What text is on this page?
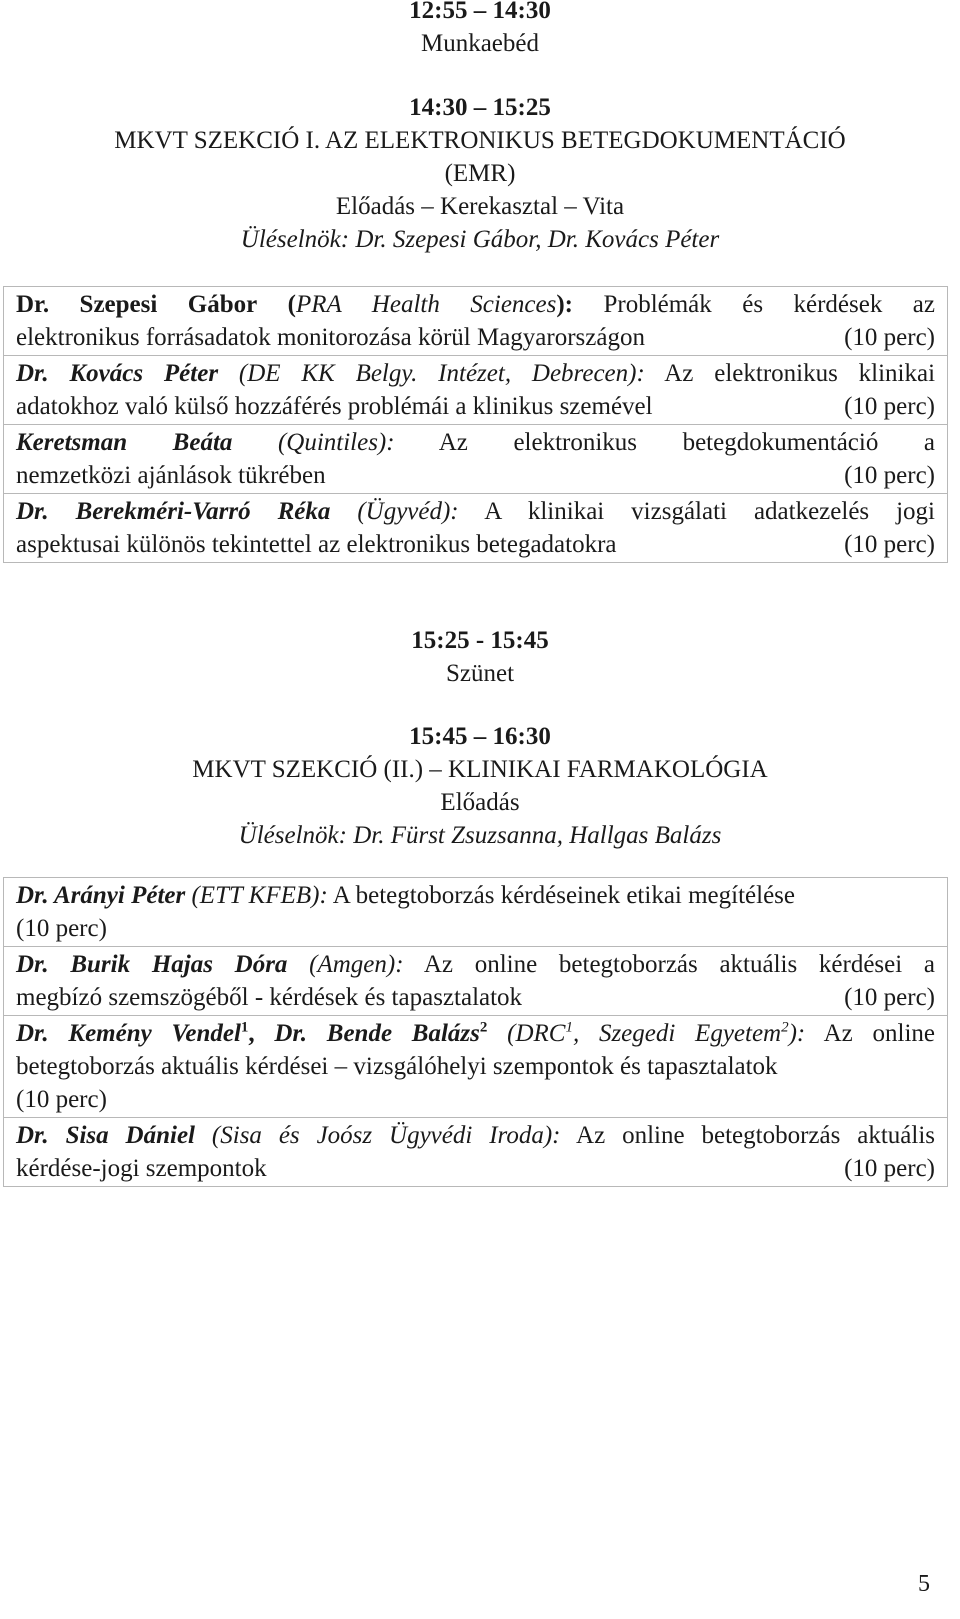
12:55 – 14:30
Munkaebéd
14:30 – 15:25
MKVT SZEKCIÓ I. AZ ELEKTRONIKUS BETEGDOKUMENTÁCIÓ
(EMR)
Előadás – Kerekasztal – Vita
Üléselnök: Dr. Szepesi Gábor, Dr. Kovács Péter
Dr. Szepesi Gábor (PRA Health Sciences): Problémák és kérdések az
elektronikus forrásadatok monitorozása körül Magyarországon	(10 perc)

Dr. Kovács Péter (DE KK Belgy. Intézet, Debrecen): Az elektronikus klinikai
adatokhoz való külső hozzáférés problémái a klinikus szemével	(10 perc)

Keretsman Beáta (Quintiles): Az elektronikus betegdokumentáció a
nemzetközi ajánlások tükrében	(10 perc)

Dr. Berekméri-Varró Réka (Ügyvéd): A klinikai vizsgálati adatkezelés jogi
aspektusai különös tekintettel az elektronikus betegadatokra	(10 perc)
15:25 - 15:45
Szünet
15:45 – 16:30
MKVT SZEKCIÓ (II.) – KLINIKAI FARMAKOLÓGIA
Előadás
Üléselnök: Dr. Fürst Zsuzsanna, Hallgas Balázs
Dr. Arányi Péter (ETT KFEB): A betegtoborzás kérdéseinek etikai megítélése
(10 perc)

Dr. Burik Hajas Dóra (Amgen): Az online betegtoborzás aktuális kérdései a
megbízó szemszögéből - kérdések és tapasztalatok	(10 perc)

Dr. Kemény Vendel$^1$, Dr. Bende Balázs$^2$ (DRC$^1$, Szegedi Egyetem$^2$): Az online
betegtoborzás aktuális kérdései – vizsgálóhelyi szempontok és tapasztalatok
(10 perc)

Dr. Sisa Dániel (Sisa és Joósz Ügyvédi Iroda): Az online betegtoborzás aktuális
kérdése-jogi szempontok	(10 perc)
5
